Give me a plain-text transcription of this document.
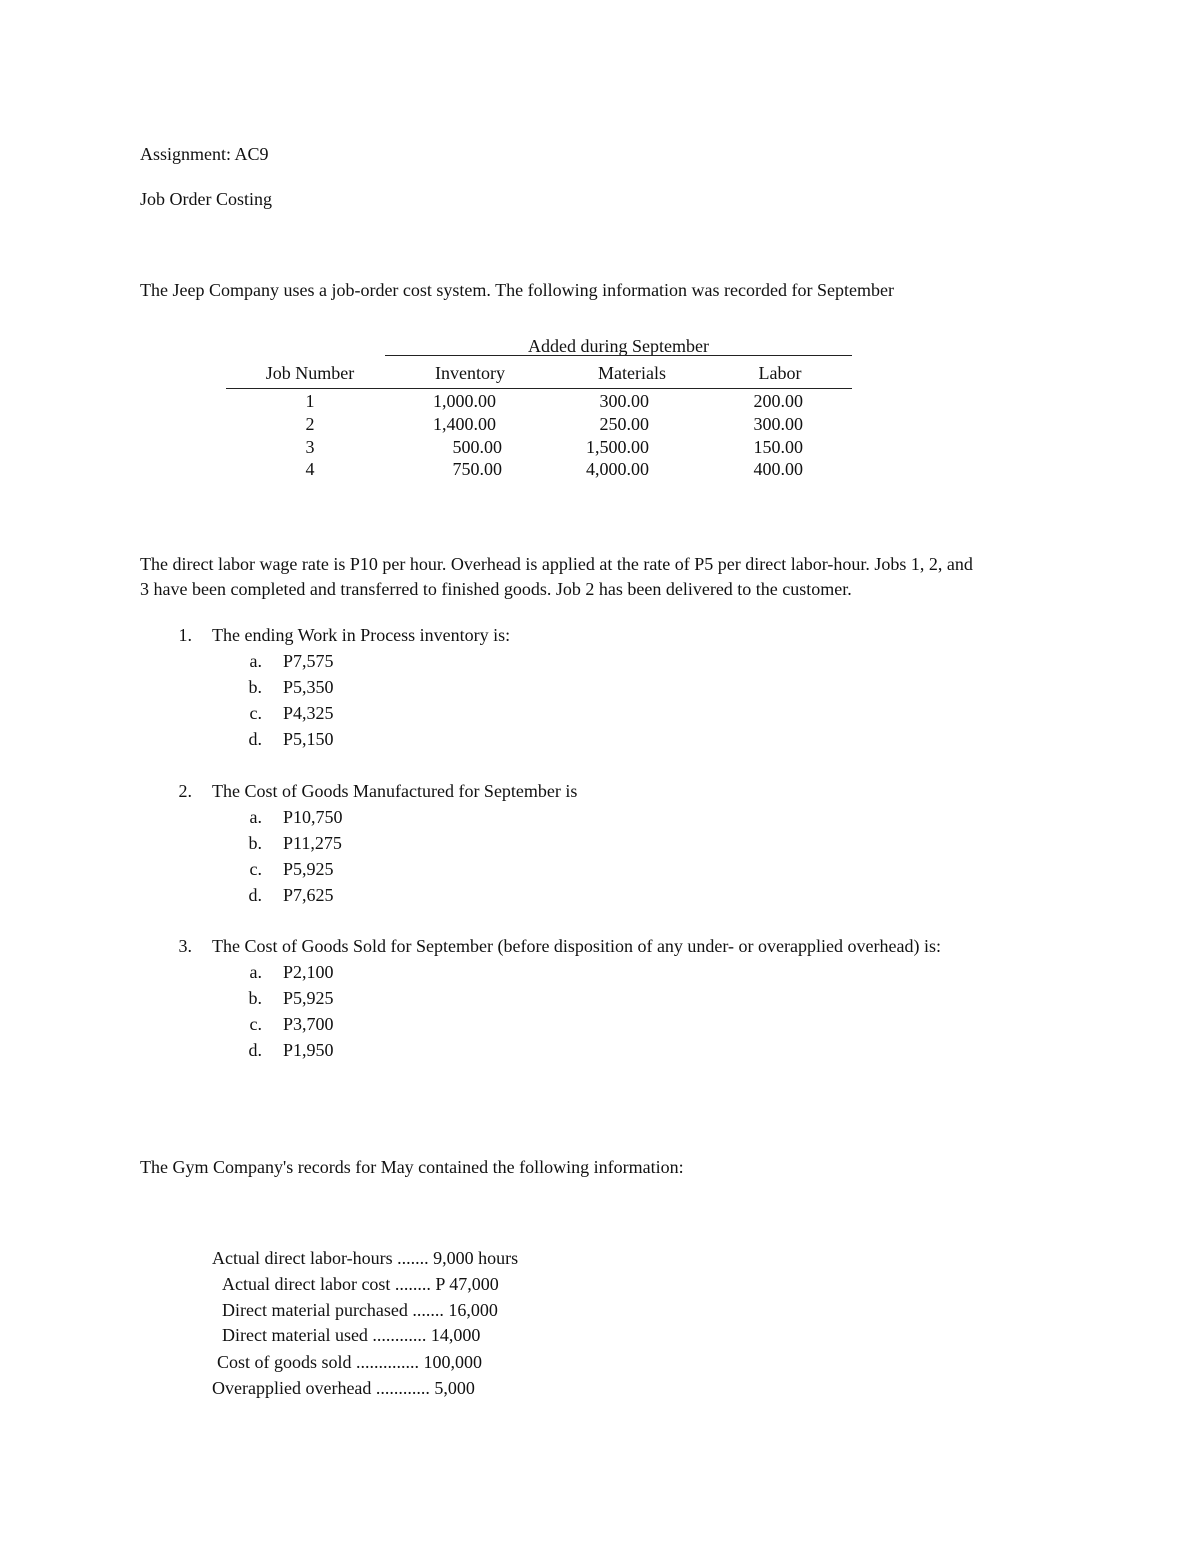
Assignment: AC9
Job Order Costing
The Jeep Company uses a job-order cost system. The following information was recorded for September
Added during September
Job Number	Inventory	Materials	Labor
1	1,000.00	300.00	200.00
2	1,400.00	250.00	300.00
3	500.00	1,500.00	150.00
4	750.00	4,000.00	400.00
The direct labor wage rate is P10 per hour. Overhead is applied at the rate of P5 per direct labor-hour. Jobs 1, 2, and
3 have been completed and transferred to finished goods. Job 2 has been delivered to the customer.
1. The ending Work in Process inventory is:
a. P7,575
b. P5,350
c. P4,325
d. P5,150
2. The Cost of Goods Manufactured for September is
a. P10,750
b. P11,275
c. P5,925
d. P7,625
3. The Cost of Goods Sold for September (before disposition of any under- or overapplied overhead) is:
a. P2,100
b. P5,925
c. P3,700
d. P1,950
The Gym Company's records for May contained the following information:
Actual direct labor-hours ....... 9,000 hours
Actual direct labor cost ........ P 47,000
Direct material purchased ....... 16,000
Direct material used ............ 14,000
Cost of goods sold .............. 100,000
Overapplied overhead ............ 5,000
